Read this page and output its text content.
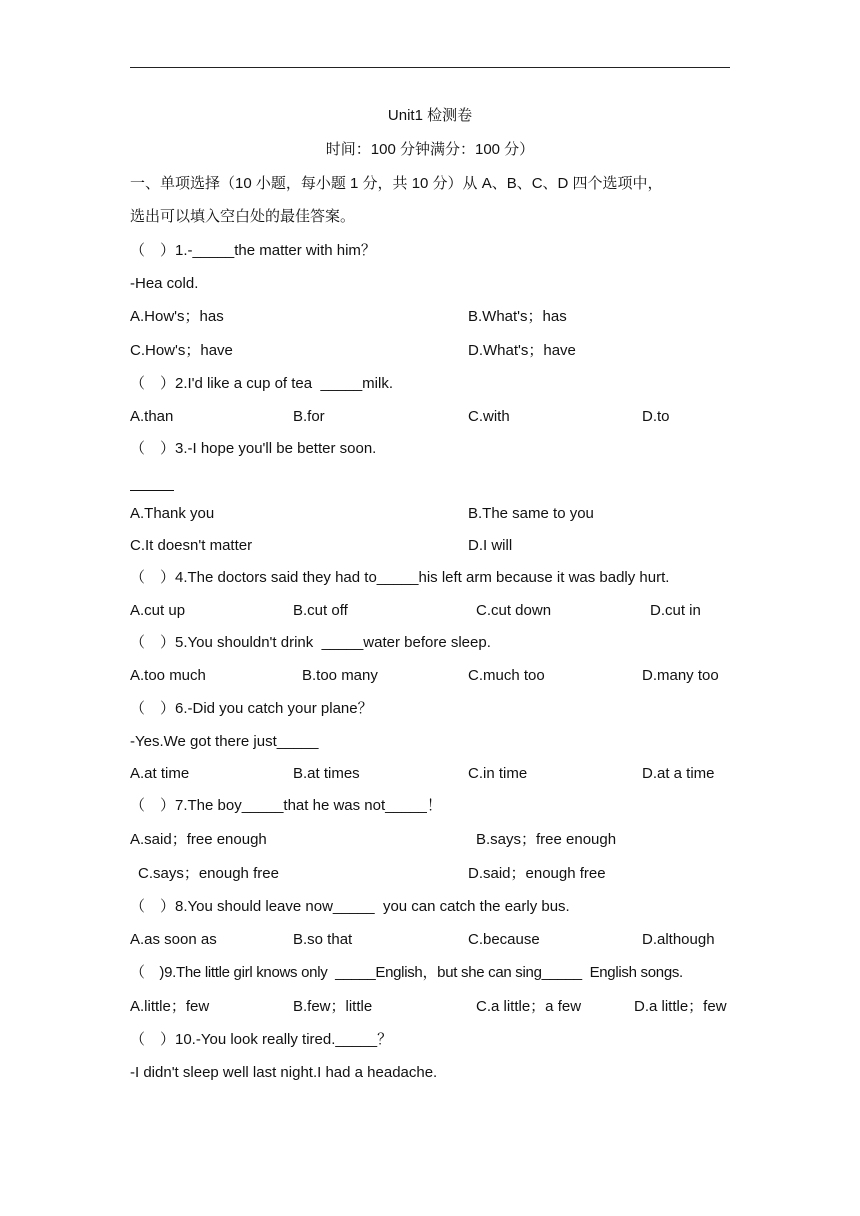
Unit1 检测卷
时间：100 分钟满分：100 分）
一、单项选择（10 小题，每小题 1 分，共 10 分）从 A、B、C、D 四个选项中，
选出可以填入空白处的最佳答案。
（　）1.-_____the matter with him？
-Hea cold.
A.How's；has	B.What's；has
C.How's；have	D.What's；have
（　）2.I'd like a cup of tea  _____milk.
A.than	B.for	C.with	D.to
（　）3.-I hope you'll be better soon.
A.Thank you	B.The same to you
C.It doesn't matter	D.I will
（　）4.The doctors said they had to_____his left arm because it was badly hurt.
A.cut up	B.cut off	C.cut down	D.cut in
（　）5.You shouldn't drink  _____water before sleep.
A.too much	B.too many	C.much too	D.many too
（　）6.-Did you catch your plane？
-Yes.We got there just_____
A.at time	B.at times	C.in time	D.at a time
（　）7.The boy_____that he was not_____！
A.said；free enough	B.says；free enough
C.says；enough free	D.said；enough free
（　）8.You should leave now_____  you can catch the early bus.
A.as soon as	B.so that	C.because	D.although
（　)9.The little girl knows only  _____English，but she can sing_____  English songs.
A.little；few	B.few；little	C.a little；a few	D.a little；few
（　）10.-You look really tired._____？
-I didn't sleep well last night.I had a headache.
